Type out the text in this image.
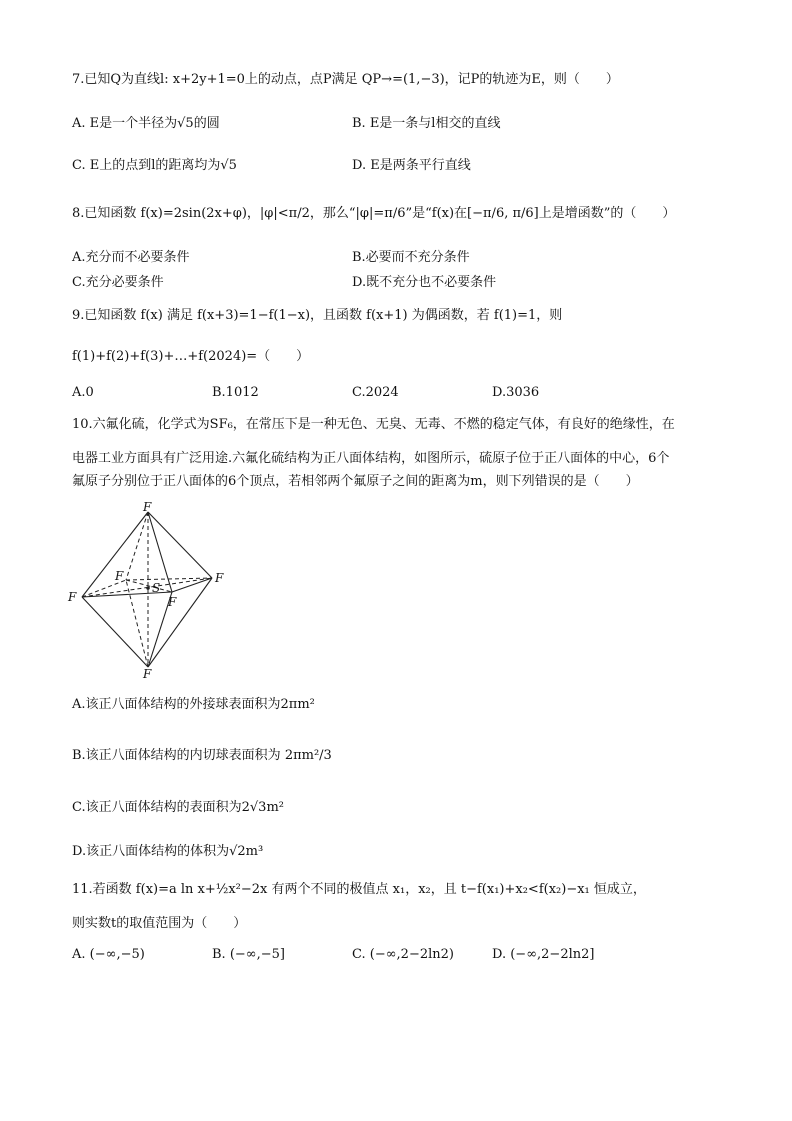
7.已知Q为直线l: x+2y+1=0上的动点，点P满足 QP→=(1,−3)，记P的轨迹为E，则（　　）
A. E是一个半径为√5的圆	B. E是一条与l相交的直线
C. E上的点到l的距离均为√5	D. E是两条平行直线
8.已知函数 f(x)=2sin(2x+φ)，|φ|<π/2，那么“|φ|=π/6”是“f(x)在[−π/6, π/6]上是增函数”的（　　）
A.充分而不必要条件	B.必要而不充分条件
C.充分必要条件	D.既不充分也不必要条件
9.已知函数 f(x) 满足 f(x+3)=1−f(1−x)，且函数 f(x+1) 为偶函数，若 f(1)=1，则
f(1)+f(2)+f(3)+…+f(2024)=（　　）
A.0	B.1012	C.2024	D.3036
10.六氟化硫，化学式为SF₆，在常压下是一种无色、无臭、无毒、不燃的稳定气体，有良好的绝缘性，在
电器工业方面具有广泛用途.六氟化硫结构为正八面体结构，如图所示，硫原子位于正八面体的中心，6个
氟原子分别位于正八面体的6个顶点，若相邻两个氟原子之间的距离为m，则下列错误的是（　　）
F
F
F
F
F
F
S
A.该正八面体结构的外接球表面积为2πm²
B.该正八面体结构的内切球表面积为 2πm²/3
C.该正八面体结构的表面积为2√3m²
D.该正八面体结构的体积为√2m³
11.若函数 f(x)=a ln x+½x²−2x 有两个不同的极值点 x₁，x₂，且 t−f(x₁)+x₂<f(x₂)−x₁ 恒成立，
则实数t的取值范围为（　　）
A. (−∞,−5)	B. (−∞,−5]	C. (−∞,2−2ln2)	D. (−∞,2−2ln2]
